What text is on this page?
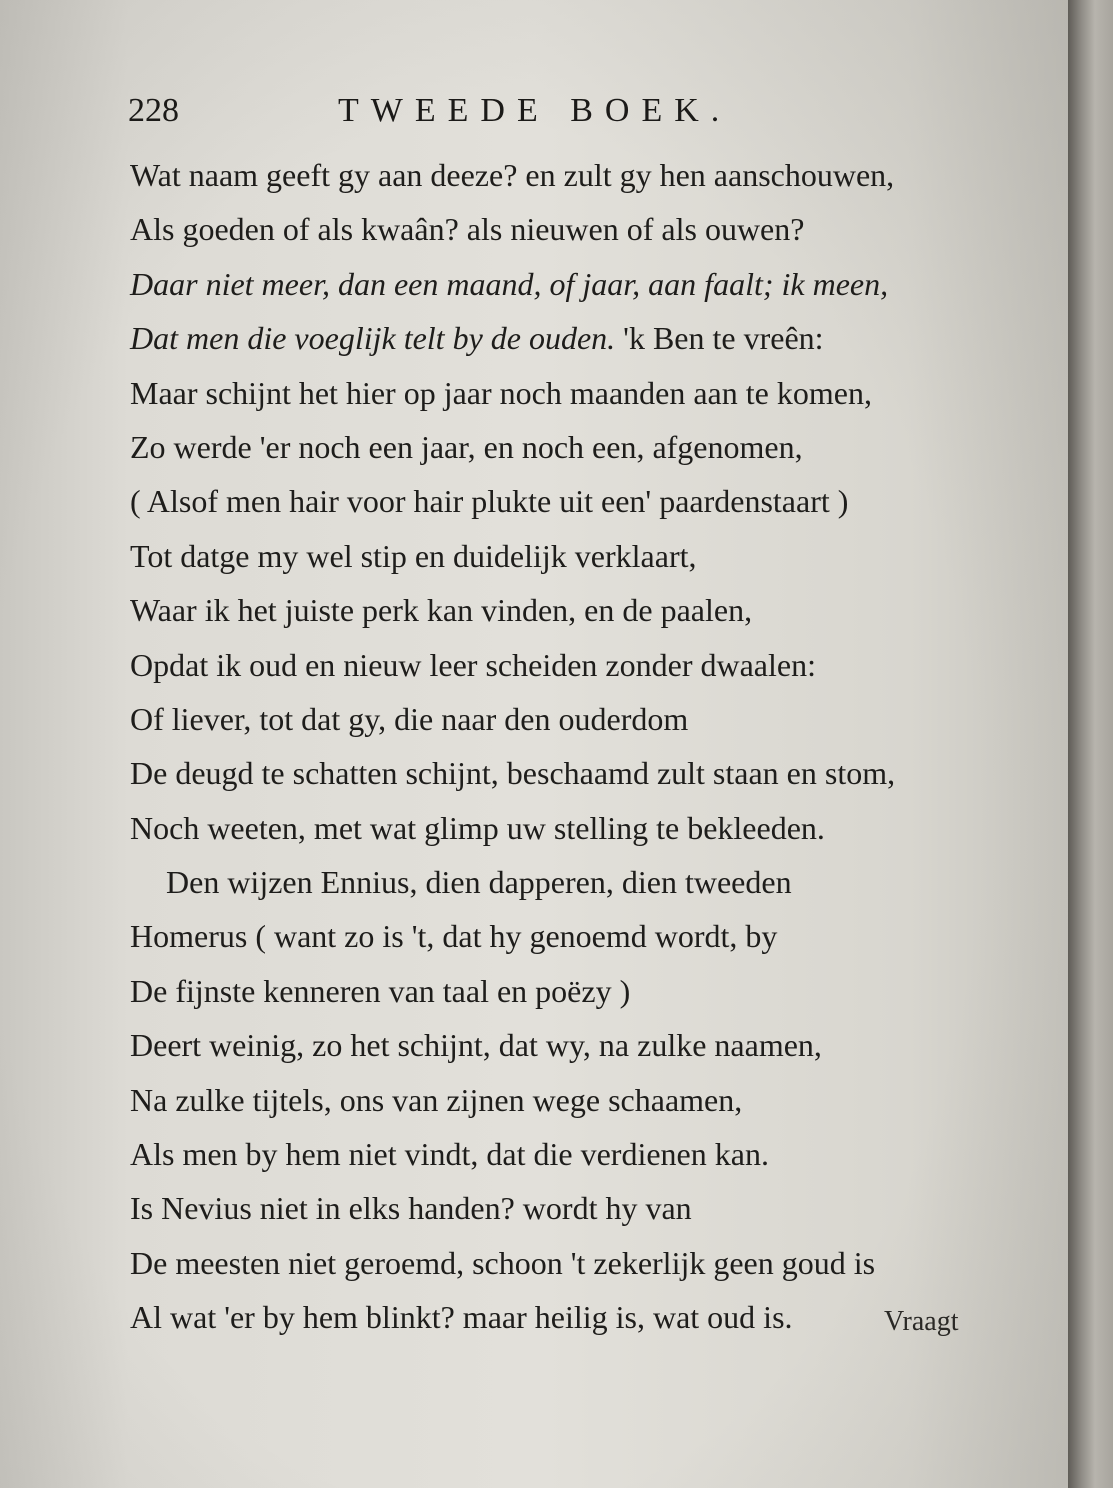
228	TWEEDE BOEK.
Wat naam geeft gy aan deeze? en zult gy hen aanschouwen,
Als goeden of als kwaân? als nieuwen of als ouwen?
Daar niet meer, dan een maand, of jaar, aan faalt; ik meen,
Dat men die voeglijk telt by de ouden. 'k Ben te vreên:
Maar schijnt het hier op jaar noch maanden aan te komen,
Zo werde 'er noch een jaar, en noch een, afgenomen,
( Alsof men hair voor hair plukte uit een' paardenstaart )
Tot datge my wel stip en duidelijk verklaart,
Waar ik het juiste perk kan vinden, en de paalen,
Opdat ik oud en nieuw leer scheiden zonder dwaalen:
Of liever, tot dat gy, die naar den ouderdom
De deugd te schatten schijnt, beschaamd zult staan en stom,
Noch weeten, met wat glimp uw stelling te bekleeden.
Den wijzen Ennius, dien dapperen, dien tweeden
Homerus ( want zo is 't, dat hy genoemd wordt, by
De fijnste kenneren van taal en poëzy )
Deert weinig, zo het schijnt, dat wy, na zulke naamen,
Na zulke tijtels, ons van zijnen wege schaamen,
Als men by hem niet vindt, dat die verdienen kan.
Is Nevius niet in elks handen? wordt hy van
De meesten niet geroemd, schoon 't zekerlijk geen goud is
Al wat 'er by hem blinkt? maar heilig is, wat oud is.	Vraagt
